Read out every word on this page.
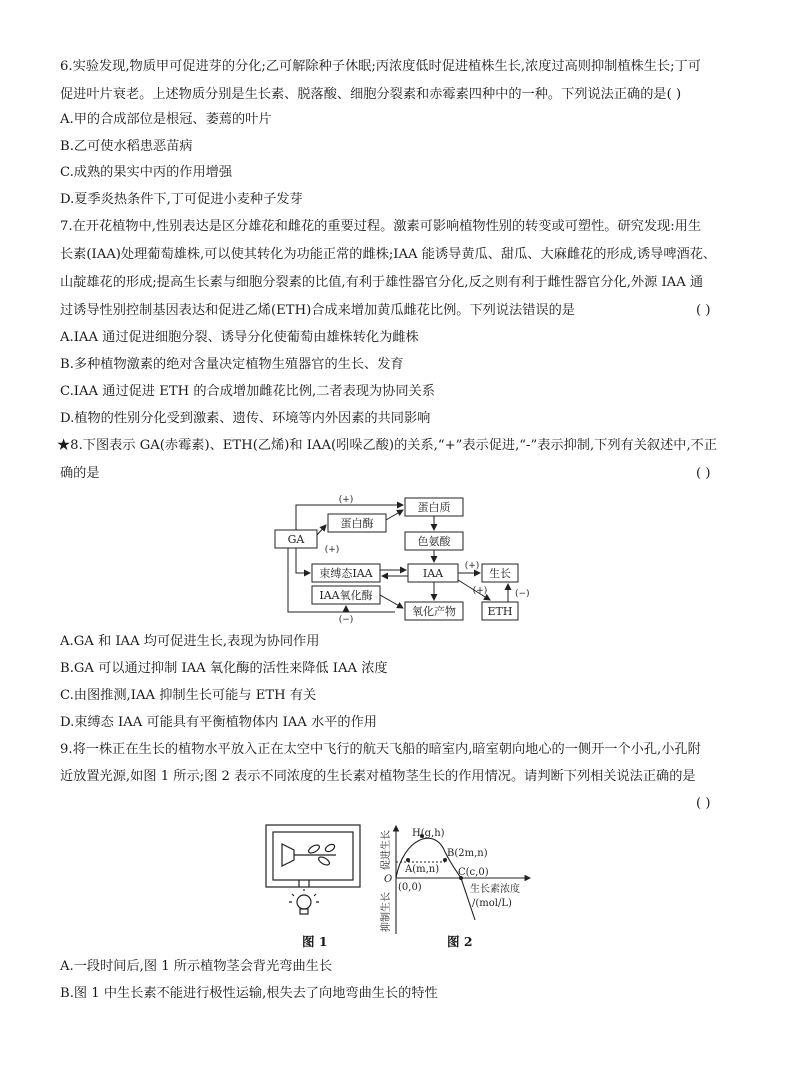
6.实验发现,物质甲可促进芽的分化;乙可解除种子休眠;丙浓度低时促进植株生长,浓度过高则抑制植株生长;丁可
促进叶片衰老。上述物质分别是生长素、脱落酸、细胞分裂素和赤霉素四种中的一种。下列说法正确的是( )
A.甲的合成部位是根冠、萎蔫的叶片
B.乙可使水稻患恶苗病
C.成熟的果实中丙的作用增强
D.夏季炎热条件下,丁可促进小麦种子发芽
7.在开花植物中,性别表达是区分雄花和雌花的重要过程。激素可影响植物性别的转变或可塑性。研究发现:用生
长素(IAA)处理葡萄雄株,可以使其转化为功能正常的雌株;IAA 能诱导黄瓜、甜瓜、大麻雌花的形成,诱导啤酒花、
山靛雄花的形成;提高生长素与细胞分裂素的比值,有利于雄性器官分化,反之则有利于雌性器官分化,外源 IAA 通
过诱导性别控制基因表达和促进乙烯(ETH)合成来增加黄瓜雌花比例。下列说法错误的是	( )
A.IAA 通过促进细胞分裂、诱导分化使葡萄由雄株转化为雌株
B.多种植物激素的绝对含量决定植物生殖器官的生长、发育
C.IAA 通过促进 ETH 的合成增加雌花比例,二者表现为协同关系
D.植物的性别分化受到激素、遗传、环境等内外因素的共同影响
★8.下图表示 GA(赤霉素)、ETH(乙烯)和 IAA(吲哚乙酸)的关系,“+”表示促进,“-”表示抑制,下列有关叙述中,不正
确的是	( )
GA
蛋白酶
蛋白质
色氨酸
束缚态IAA	IAA	生长
IAA氧化酶
氧化产物	ETH
(+)
(+)
(−)
(+)
(+)	(−)
A.GA 和 IAA 均可促进生长,表现为协同作用
B.GA 可以通过抑制 IAA 氧化酶的活性来降低 IAA 浓度
C.由图推测,IAA 抑制生长可能与 ETH 有关
D.束缚态 IAA 可能具有平衡植物体内 IAA 水平的作用
9.将一株正在生长的植物水平放入正在太空中飞行的航天飞船的暗室内,暗室朝向地心的一侧开一个小孔,小孔附
近放置光源,如图 1 所示;图 2 表示不同浓度的生长素对植物茎生长的作用情况。请判断下列相关说法正确的是
( )
图 1
促进生长
抑制生长
O
(0,0)
H(g,h)
A(m,n)
B(2m,n)
C(c,0)
生长素浓度
/(mol/L)
图 2
A.一段时间后,图 1 所示植物茎会背光弯曲生长
B.图 1 中生长素不能进行极性运输,根失去了向地弯曲生长的特性
